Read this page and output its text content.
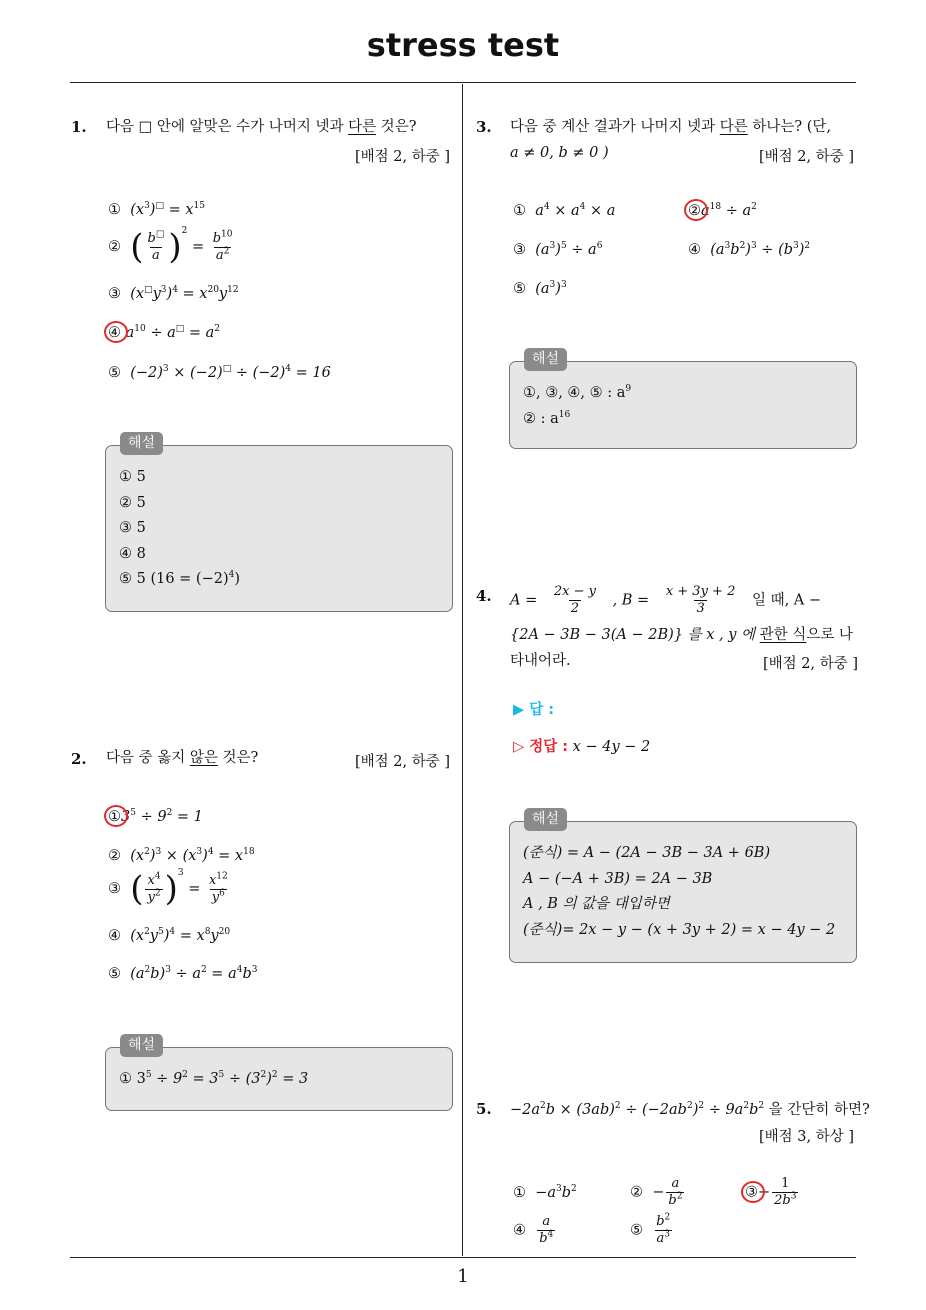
stress test
1
1. 다음 □ 안에 알맞은 수가 나머지 넷과 다른 것은?
[배점 2, 하중 ]
① $(x^3)^□ = x^{15}$
② ( $\frac{b^□}{a} )^2 = \frac{b^{10}}{a^2}$
③ $(x^□y^3)^4 = x^{20}y^{12}$
④ $a^{10} \div a^□ = a^2$
⑤ $(-2)^3 \times (-2)^□ \div (-2)^4 = 16$
해설
① 5
② 5
③ 5
④ 8
⑤ 5 $(16 = (-2)^4)$
2. 다음 중 옳지 않은 것은?	[배점 2, 하중 ]
$①3^5 \div 9^2 = 1$
② $(x^2)^3 \times (x^3)^4 = x^{18}$
③ ( $\frac{x^4}{y^2} )^3 = \frac{x^{12}}{y^6}$
④ $(x^2y^5)^4 = x^8y^{20}$
⑤ $(a^2b)^3 \div a^2 = a^4b^3$
해설
① $3^5 \div 9^2 = 3^5 \div (3^2)^2 = 3$
3. 다음 중 계산 결과가 나머지 넷과 다른 하나는? (단,
a ≠ 0, b ≠ 0 )	[배점 2, 하중 ]
① $a^4 \times a^4 \times a$	$②a^{18} \div a^2$
③ $(a^3)^5 \div a^6$	④ $(a^3b^2)^3 \div (b^3)^2$
⑤ $(a^3)^3$
해설
①, ③, ④, ⑤ : $a^9$
② : $a^{16}$
4. $A = \frac{2x - y}{2}$ , $B = \frac{x + 3y + 2}{3}$ 일 때, A −
{2A − 3B − 3(A − 2B)} 를 x , y 에 관한 식으로 나
타내어라.	[배점 2, 하중 ]
▶ 답 :
▷ 정답 : x − 4y − 2
해설
(준식) = A − (2A − 3B − 3A + 6B)
A − (−A + 3B) = 2A − 3B
A , B 의 값을 대입하면
(준식)= 2x − y − (x + 3y + 2) = x − 4y − 2
5. $-2a^2b \times (3ab)^2 \div (-2ab^2)^2 \div 9a^2b^2$ 을 간단히 하면?
[배점 3, 하상 ]
① $-a^3b^2$	② − $\frac{a}{b^2}$	③− $\frac{1}{2b^3}$
④ $\frac{a}{b^4}$	⑤ $\frac{b^2}{a^3}$
